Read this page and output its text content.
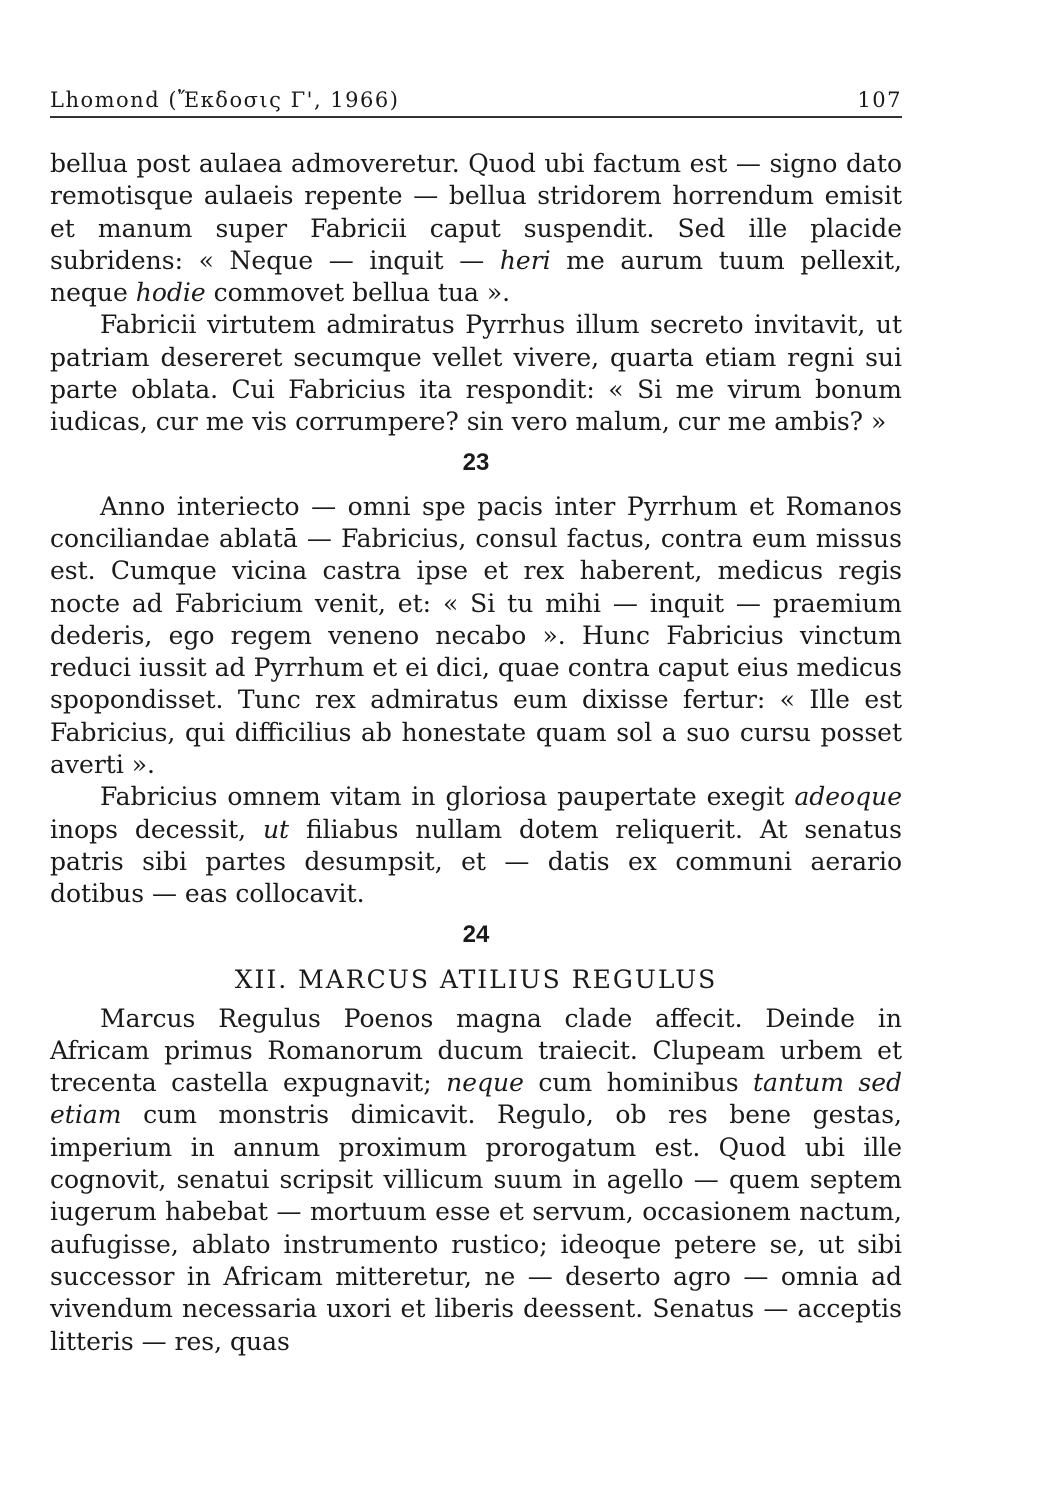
Lhomond (Ἔκδοσις Γ', 1966)	107

bellua post aulaea admoveretur. Quod ubi factum est — signo dato remotisque aulaeis repente — bellua stridorem horrendum emisit et manum super Fabricii caput suspendit. Sed ille placide subridens: « Neque — inquit — heri me aurum tuum pellexit, neque hodie commovet bellua tua ».

Fabricii virtutem admiratus Pyrrhus illum secreto invitavit, ut patriam desereret secumque vellet vivere, quarta etiam regni sui parte oblata. Cui Fabricius ita respondit: « Si me virum bonum iudicas, cur me vis corrumpere? sin vero malum, cur me ambis? »

23

Anno interiecto — omni spe pacis inter Pyrrhum et Romanos conciliandae ablatā — Fabricius, consul factus, contra eum missus est. Cumque vicina castra ipse et rex haberent, medicus regis nocte ad Fabricium venit, et: « Si tu mihi — inquit — praemium dederis, ego regem veneno necabo ». Hunc Fabricius vinctum reduci iussit ad Pyrrhum et ei dici, quae contra caput eius medicus spopondisset. Tunc rex admiratus eum dixisse fertur: « Ille est Fabricius, qui difficilius ab honestate quam sol a suo cursu posset averti ».

Fabricius omnem vitam in gloriosa paupertate exegit adeoque inops decessit, ut filiabus nullam dotem reliquerit. At senatus patris sibi partes desumpsit, et — datis ex communi aerario dotibus — eas collocavit.

24
XII. MARCUS ATILIUS REGULUS

Marcus Regulus Poenos magna clade affecit. Deinde in Africam primus Romanorum ducum traiecit. Clupeam urbem et trecenta castella expugnavit; neque cum hominibus tantum sed etiam cum monstris dimicavit. Regulo, ob res bene gestas, imperium in annum proximum prorogatum est. Quod ubi ille cognovit, senatui scripsit villicum suum in agello — quem septem iugerum habebat — mortuum esse et servum, occasionem nactum, aufugisse, ablato instrumento rustico; ideoque petere se, ut sibi successor in Africam mitteretur, ne — deserto agro — omnia ad vivendum necessaria uxori et liberis deessent. Senatus — acceptis litteris — res, quas
